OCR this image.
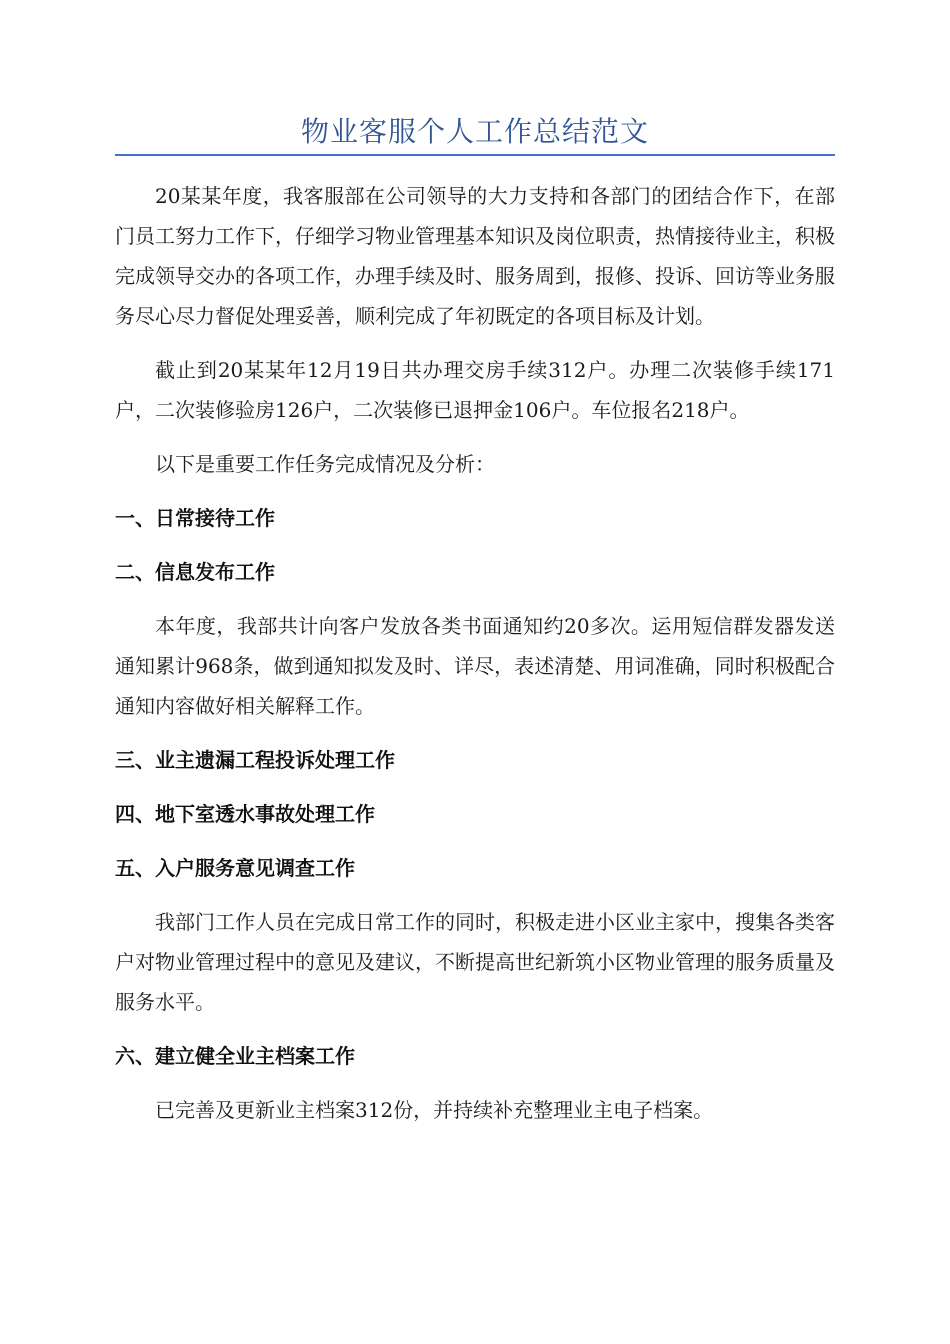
物业客服个人工作总结范文

20某某年度，我客服部在公司领导的大力支持和各部门的团结合作下，在部门员工努力工作下，仔细学习物业管理基本知识及岗位职责，热情接待业主，积极完成领导交办的各项工作，办理手续及时、服务周到，报修、投诉、回访等业务服务尽心尽力督促处理妥善，顺利完成了年初既定的各项目标及计划。

截止到20某某年12月19日共办理交房手续312户。办理二次装修手续171户，二次装修验房126户，二次装修已退押金106户。车位报名218户。

以下是重要工作任务完成情况及分析：

一、日常接待工作

二、信息发布工作

本年度，我部共计向客户发放各类书面通知约20多次。运用短信群发器发送通知累计968条，做到通知拟发及时、详尽，表述清楚、用词准确，同时积极配合通知内容做好相关解释工作。

三、业主遗漏工程投诉处理工作

四、地下室透水事故处理工作

五、入户服务意见调查工作

我部门工作人员在完成日常工作的同时，积极走进小区业主家中，搜集各类客户对物业管理过程中的意见及建议，不断提高世纪新筑小区物业管理的服务质量及服务水平。

六、建立健全业主档案工作

已完善及更新业主档案312份，并持续补充整理业主电子档案。
